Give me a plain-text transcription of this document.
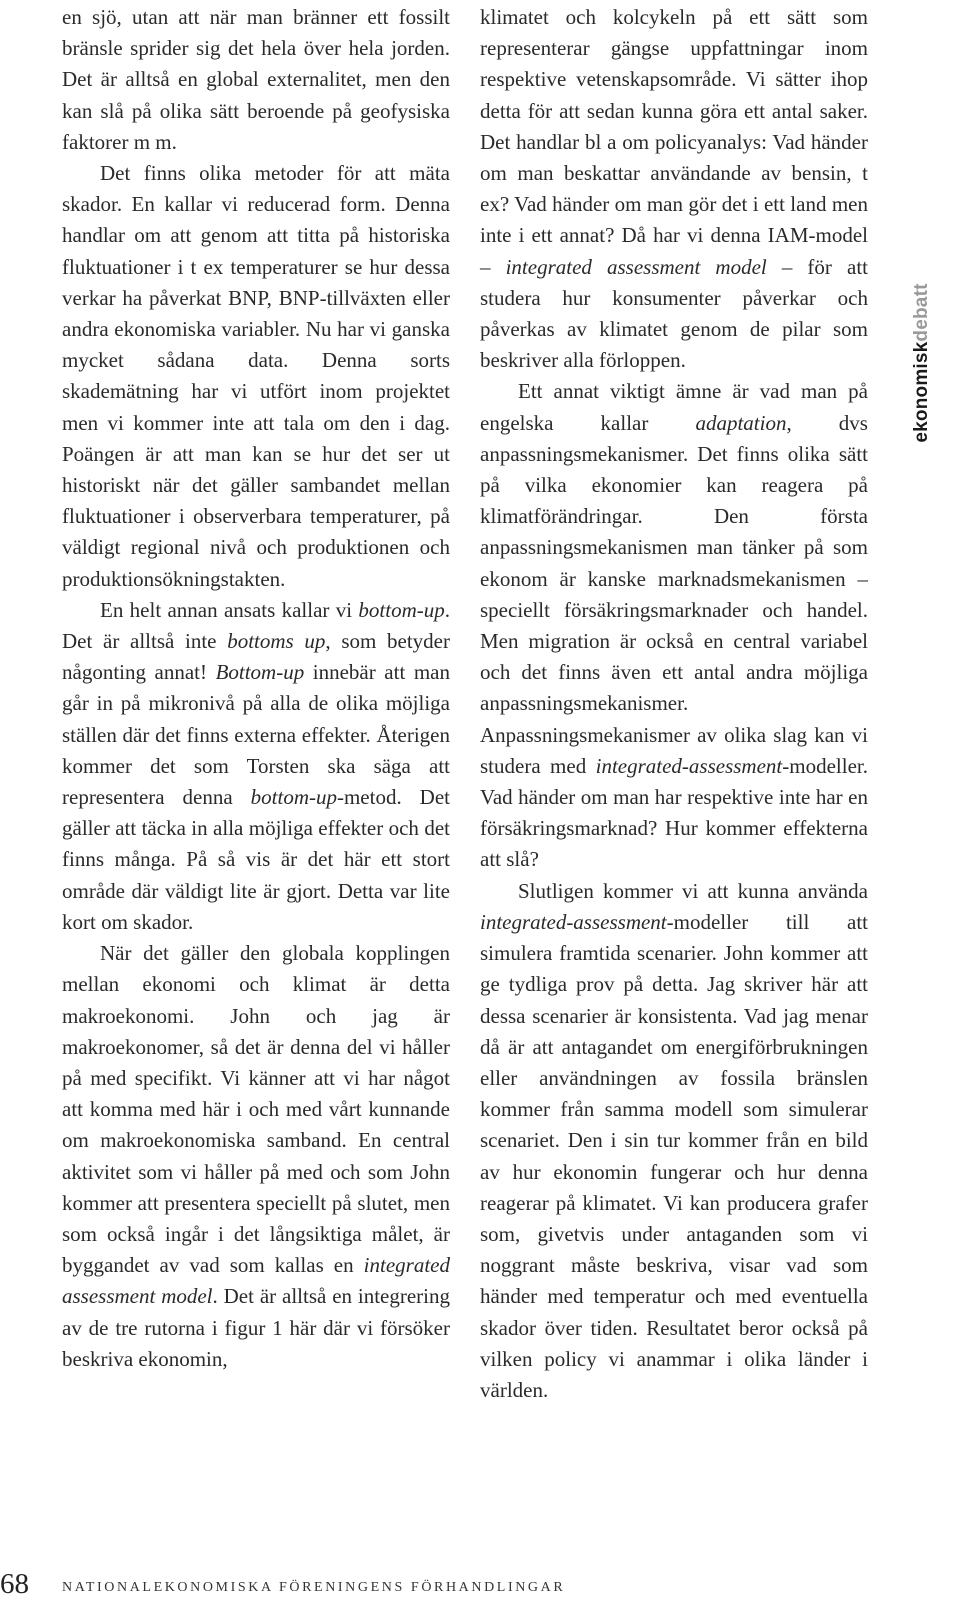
en sjö, utan att när man bränner ett fossilt bränsle sprider sig det hela över hela jorden. Det är alltså en global externalitet, men den kan slå på olika sätt beroende på geofysiska faktorer m m.

Det finns olika metoder för att mäta skador. En kallar vi reducerad form. Denna handlar om att genom att titta på historiska fluktuationer i t ex temperaturer se hur dessa verkar ha påverkat BNP, BNP-tillväxten eller andra ekonomiska variabler. Nu har vi ganska mycket sådana data. Denna sorts skademätning har vi utfört inom projektet men vi kommer inte att tala om den i dag. Poängen är att man kan se hur det ser ut historiskt när det gäller sambandet mellan fluktuationer i observerbara temperaturer, på väldigt regional nivå och produktionen och produktionsökningstakten.

En helt annan ansats kallar vi bottom-up. Det är alltså inte bottoms up, som betyder någonting annat! Bottom-up innebär att man går in på mikronivå på alla de olika möjliga ställen där det finns externa effekter. Återigen kommer det som Torsten ska säga att representera denna bottom-up-metod. Det gäller att täcka in alla möjliga effekter och det finns många. På så vis är det här ett stort område där väldigt lite är gjort. Detta var lite kort om skador.

När det gäller den globala kopplingen mellan ekonomi och klimat är detta makroekonomi. John och jag är makroekonomer, så det är denna del vi håller på med specifikt. Vi känner att vi har något att komma med här i och med vårt kunnande om makroekonomiska samband. En central aktivitet som vi håller på med och som John kommer att presentera speciellt på slutet, men som också ingår i det långsiktiga målet, är byggandet av vad som kallas en integrated assessment model. Det är alltså en integrering av de tre rutorna i figur 1 här där vi försöker beskriva ekonomin,

klimatet och kolcykeln på ett sätt som representerar gängse uppfattningar inom respektive vetenskapsområde. Vi sätter ihop detta för att sedan kunna göra ett antal saker. Det handlar bl a om policyanalys: Vad händer om man beskattar användande av bensin, t ex? Vad händer om man gör det i ett land men inte i ett annat? Då har vi denna IAM-model – integrated assessment model – för att studera hur konsumenter påverkar och påverkas av klimatet genom de pilar som beskriver alla förloppen.

Ett annat viktigt ämne är vad man på engelska kallar adaptation, dvs anpassningsmekanismer. Det finns olika sätt på vilka ekonomier kan reagera på klimatförändringar. Den första anpassningsmekanismen man tänker på som ekonom är kanske marknadsmekanismen – speciellt försäkringsmarknader och handel. Men migration är också en central variabel och det finns även ett antal andra möjliga anpassningsmekanismer. Anpassningsmekanismer av olika slag kan vi studera med integrated-assessment-modeller. Vad händer om man har respektive inte har en försäkringsmarknad? Hur kommer effekterna att slå?

Slutligen kommer vi att kunna använda integrated-assessment-modeller till att simulera framtida scenarier. John kommer att ge tydliga prov på detta. Jag skriver här att dessa scenarier är konsistenta. Vad jag menar då är att antagandet om energiförbrukningen eller användningen av fossila bränslen kommer från samma modell som simulerar scenariet. Den i sin tur kommer från en bild av hur ekonomin fungerar och hur denna reagerar på klimatet. Vi kan producera grafer som, givetvis under antaganden som vi noggrant måste beskriva, visar vad som händer med temperatur och med eventuella skador över tiden. Resultatet beror också på vilken policy vi anammar i olika länder i världen.

ekonomiskdebatt
68 NATIONALEKONOMISKA FÖRENINGENS FÖRHANDLINGAR
